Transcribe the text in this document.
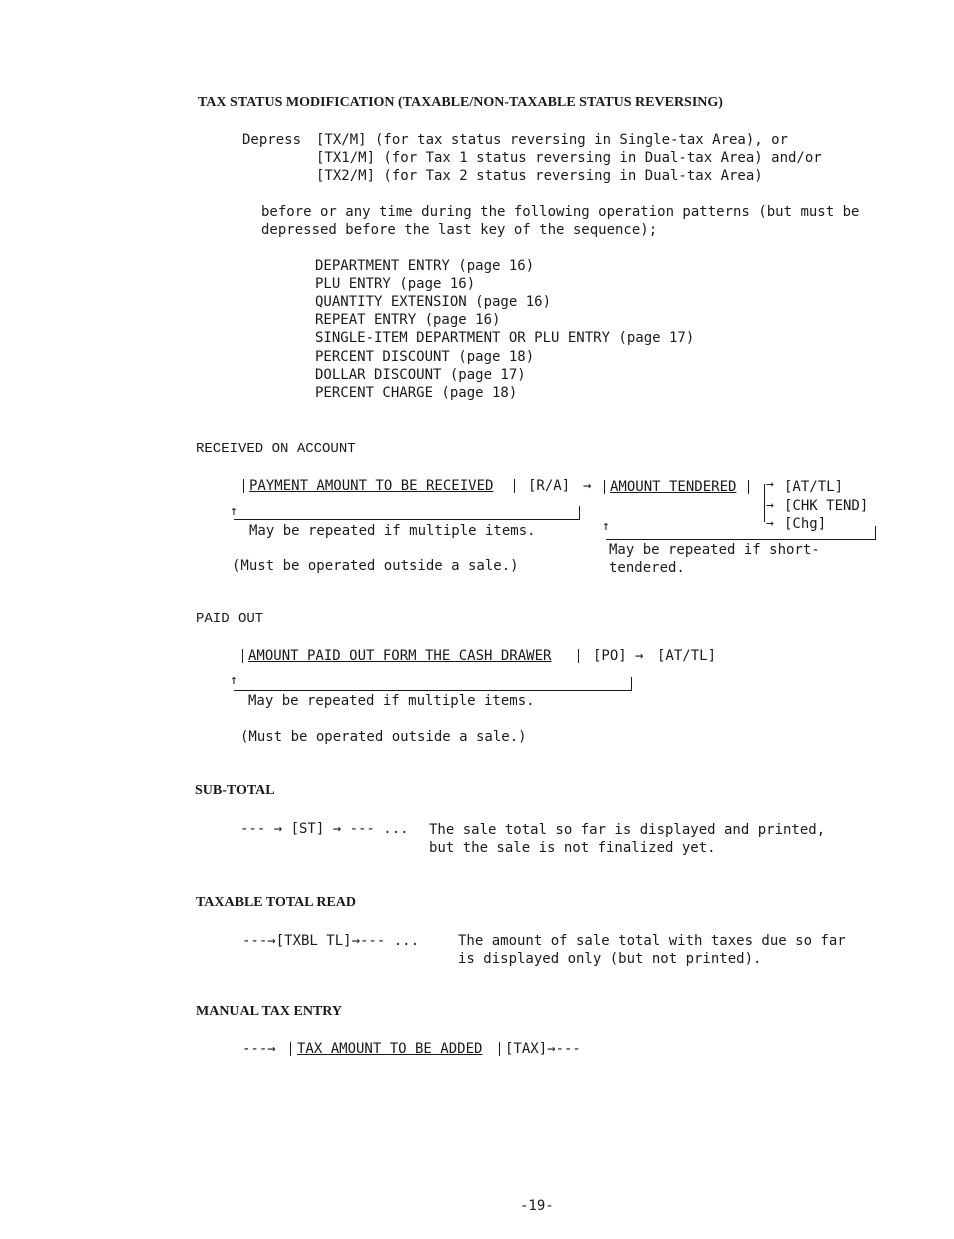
TAX STATUS MODIFICATION (TAXABLE/NON-TAXABLE STATUS REVERSING)
Depress [TX/M] (for tax status reversing in Single-tax Area), or
[TX1/M] (for Tax 1 status reversing in Dual-tax Area) and/or
[TX2/M] (for Tax 2 status reversing in Dual-tax Area)
before or any time during the following operation patterns (but must be
depressed before the last key of the sequence);
DEPARTMENT ENTRY (page 16)
PLU ENTRY (page 16)
QUANTITY EXTENSION (page 16)
REPEAT ENTRY (page 16)
SINGLE-ITEM DEPARTMENT OR PLU ENTRY (page 17)
PERCENT DISCOUNT (page 18)
DOLLAR DISCOUNT (page 17)
PERCENT CHARGE (page 18)
RECEIVED ON ACCOUNT
PAYMENT AMOUNT TO BE RECEIVED [R/A] → AMOUNT TENDERED →
→
→
[AT/TL]
[CHK TEND]
[Chg]
↑
May be repeated if multiple items.
(Must be operated outside a sale.)
↑
May be repeated if short-
tendered.
PAID OUT
AMOUNT PAID OUT FORM THE CASH DRAWER	[PO] → [AT/TL]
↑
May be repeated if multiple items.
(Must be operated outside a sale.)
SUB-TOTAL
--- → [ST] → --- ... The sale total so far is displayed and printed,
but the sale is not finalized yet.
TAXABLE TOTAL READ
---→[TXBL TL]→--- ...	The amount of sale total with taxes due so far
is displayed only (but not printed).
MANUAL TAX ENTRY
---→ TAX AMOUNT TO BE ADDED [TAX]→---
-19-
